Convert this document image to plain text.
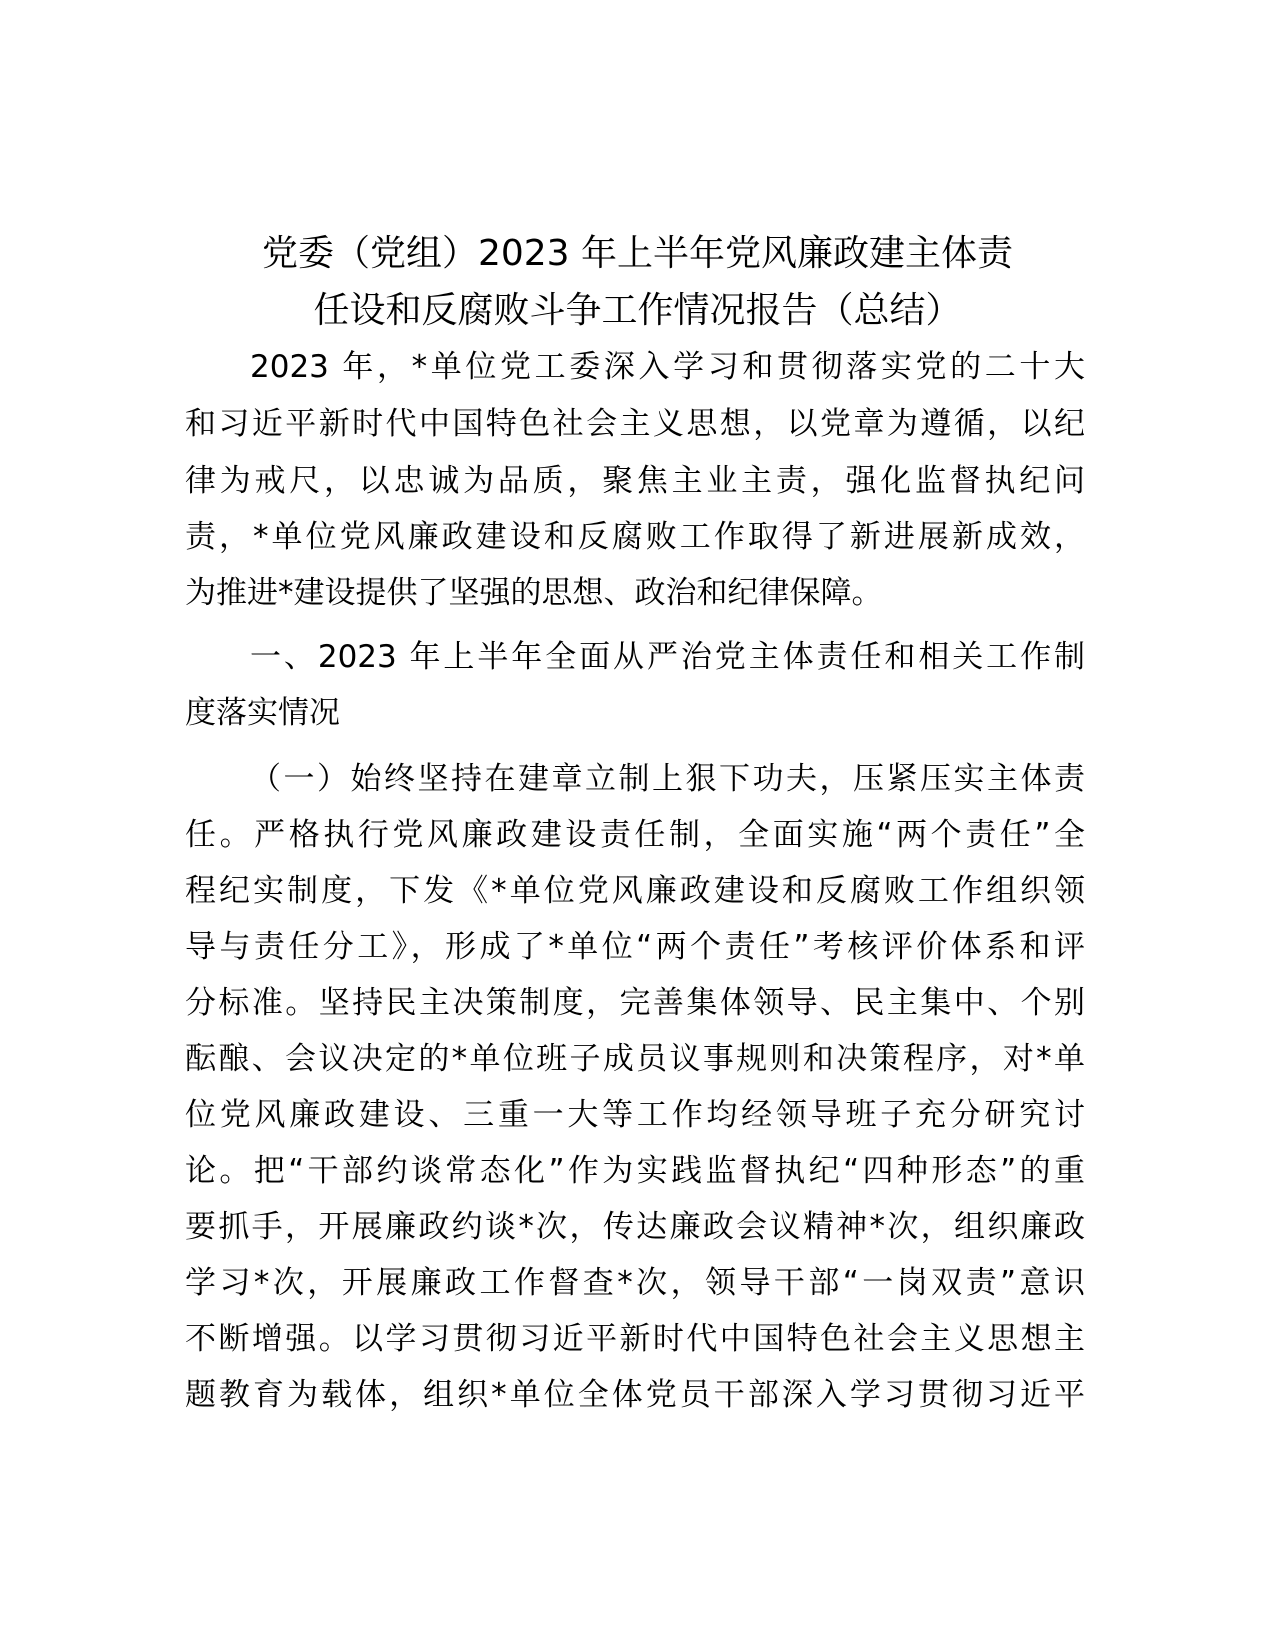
党委（党组）2023 年上半年党风廉政建主体责
任设和反腐败斗争工作情况报告（总结）
2023 年，*单位党工委深入学习和贯彻落实党的二十大
和习近平新时代中国特色社会主义思想，以党章为遵循，以纪
律为戒尺，以忠诚为品质，聚焦主业主责，强化监督执纪问
责，*单位党风廉政建设和反腐败工作取得了新进展新成效，
为推进*建设提供了坚强的思想、政治和纪律保障。
一、2023 年上半年全面从严治党主体责任和相关工作制
度落实情况
（一）始终坚持在建章立制上狠下功夫，压紧压实主体责
任。严格执行党风廉政建设责任制，全面实施“两个责任”全
程纪实制度，下发《*单位党风廉政建设和反腐败工作组织领
导与责任分工》，形成了*单位“两个责任”考核评价体系和评
分标准。坚持民主决策制度，完善集体领导、民主集中、个别
酝酿、会议决定的*单位班子成员议事规则和决策程序，对*单
位党风廉政建设、三重一大等工作均经领导班子充分研究讨
论。把“干部约谈常态化”作为实践监督执纪“四种形态”的重
要抓手，开展廉政约谈*次，传达廉政会议精神*次，组织廉政
学习*次，开展廉政工作督查*次，领导干部“一岗双责”意识
不断增强。以学习贯彻习近平新时代中国特色社会主义思想主
题教育为载体，组织*单位全体党员干部深入学习贯彻习近平
